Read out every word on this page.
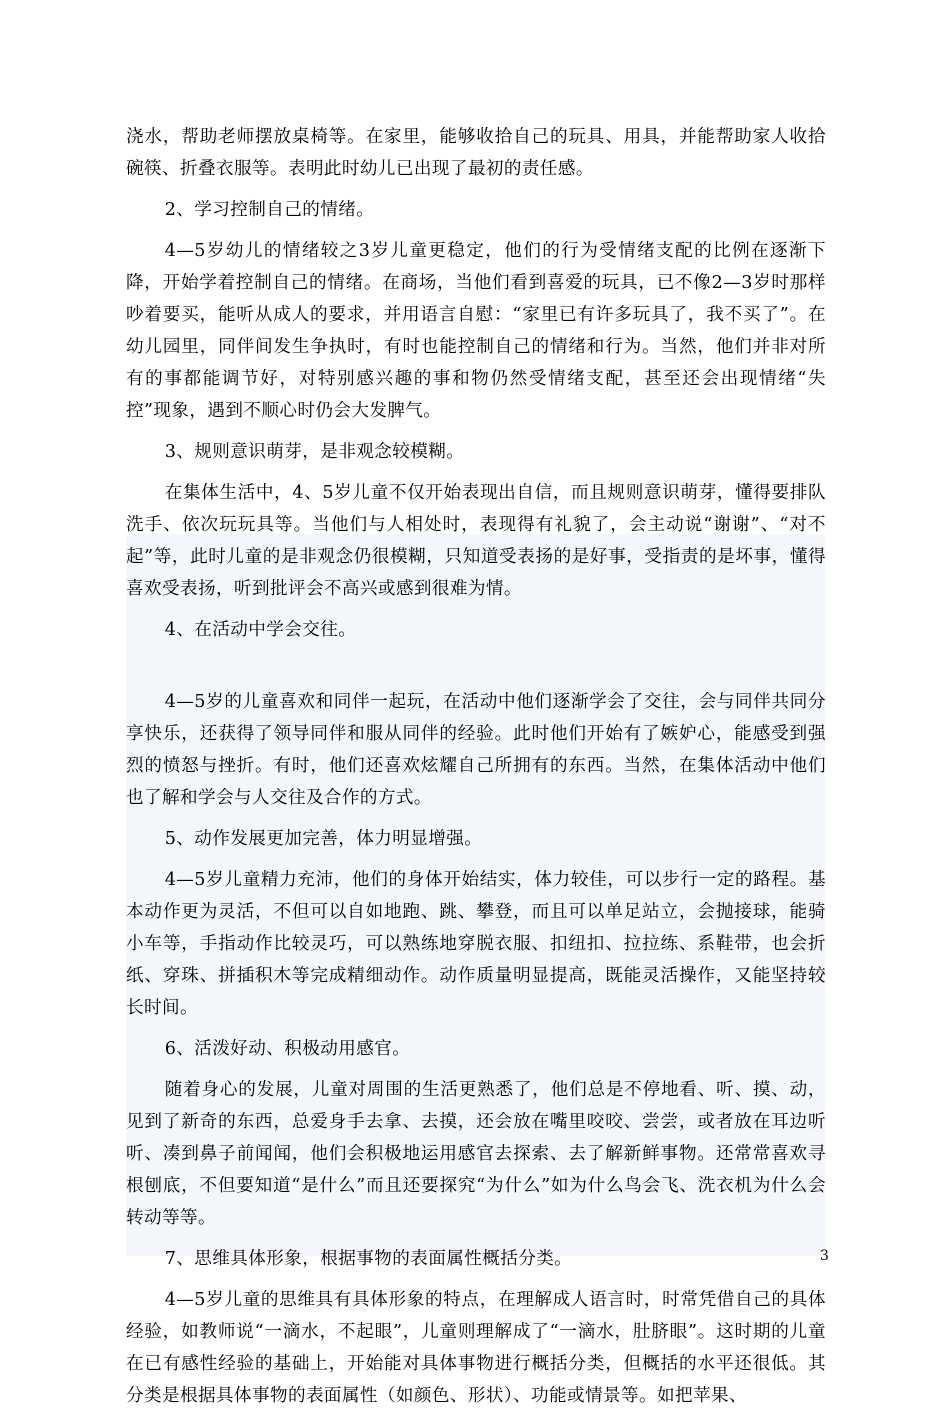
浇水，帮助老师摆放桌椅等。在家里，能够收拾自己的玩具、用具，并能帮助家人收拾碗筷、折叠衣服等。表明此时幼儿已出现了最初的责任感。

2、学习控制自己的情绪。

4—5岁幼儿的情绪较之3岁儿童更稳定，他们的行为受情绪支配的比例在逐渐下降，开始学着控制自己的情绪。在商场，当他们看到喜爱的玩具，已不像2—3岁时那样吵着要买，能听从成人的要求，并用语言自慰：“家里已有许多玩具了，我不买了”。在幼儿园里，同伴间发生争执时，有时也能控制自己的情绪和行为。当然，他们并非对所有的事都能调节好，对特别感兴趣的事和物仍然受情绪支配，甚至还会出现情绪“失控”现象，遇到不顺心时仍会大发脾气。

3、规则意识萌芽，是非观念较模糊。

在集体生活中，4、5岁儿童不仅开始表现出自信，而且规则意识萌芽，懂得要排队洗手、依次玩玩具等。当他们与人相处时，表现得有礼貌了，会主动说“谢谢”、“对不起”等，此时儿童的是非观念仍很模糊，只知道受表扬的是好事，受指责的是坏事，懂得喜欢受表扬，听到批评会不高兴或感到很难为情。

4、在活动中学会交往。

4—5岁的儿童喜欢和同伴一起玩，在活动中他们逐渐学会了交往，会与同伴共同分享快乐，还获得了领导同伴和服从同伴的经验。此时他们开始有了嫉妒心，能感受到强烈的愤怒与挫折。有时，他们还喜欢炫耀自己所拥有的东西。当然，在集体活动中他们也了解和学会与人交往及合作的方式。

5、动作发展更加完善，体力明显增强。

4—5岁儿童精力充沛，他们的身体开始结实，体力较佳，可以步行一定的路程。基本动作更为灵活，不但可以自如地跑、跳、攀登，而且可以单足站立，会抛接球，能骑小车等，手指动作比较灵巧，可以熟练地穿脱衣服、扣纽扣、拉拉练、系鞋带，也会折纸、穿珠、拼插积木等完成精细动作。动作质量明显提高，既能灵活操作，又能坚持较长时间。

6、活泼好动、积极动用感官。

随着身心的发展，儿童对周围的生活更熟悉了，他们总是不停地看、听、摸、动，见到了新奇的东西，总爱身手去拿、去摸，还会放在嘴里咬咬、尝尝，或者放在耳边听听、凑到鼻子前闻闻，他们会积极地运用感官去探索、去了解新鲜事物。还常常喜欢寻根刨底，不但要知道“是什么”而且还要探究“为什么”如为什么鸟会飞、洗衣机为什么会转动等等。

7、思维具体形象，根据事物的表面属性概括分类。

4—5岁儿童的思维具有具体形象的特点，在理解成人语言时，时常凭借自己的具体经验，如教师说“一滴水，不起眼”，儿童则理解成了“一滴水，肚脐眼”。这时期的儿童在已有感性经验的基础上，开始能对具体事物进行概括分类，但概括的水平还很低。其分类是根据具体事物的表面属性（如颜色、形状）、功能或情景等。如把苹果、

3
